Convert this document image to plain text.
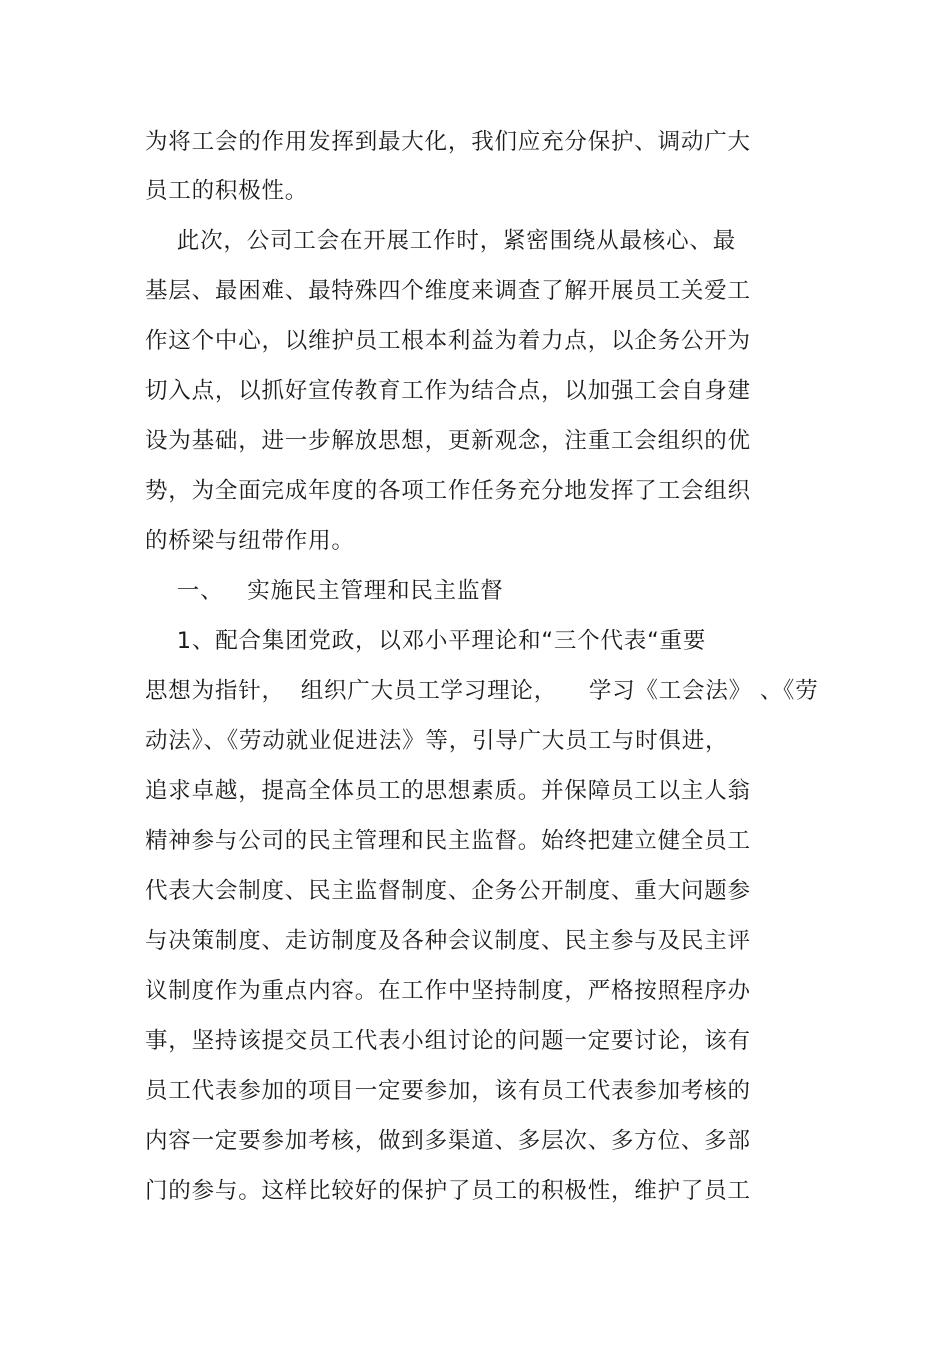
为将工会的作用发挥到最大化，我们应充分保护、调动广大
员工的积极性。
此次，公司工会在开展工作时，紧密围绕从最核心、最
基层、最困难、最特殊四个维度来调查了解开展员工关爱工
作这个中心，以维护员工根本利益为着力点，以企务公开为
切入点，以抓好宣传教育工作为结合点，以加强工会自身建
设为基础，进一步解放思想，更新观念，注重工会组织的优
势，为全面完成年度的各项工作任务充分地发挥了工会组织
的桥梁与纽带作用。
一、   实施民主管理和民主监督
1、配合集团党政，以邓小平理论和“三个代表“重要
思想为指针，  组织广大员工学习理论，    学习《工会法》 、《劳
动法》、《劳动就业促进法》等，引导广大员工与时俱进，
追求卓越，提高全体员工的思想素质。并保障员工以主人翁
精神参与公司的民主管理和民主监督。始终把建立健全员工
代表大会制度、民主监督制度、企务公开制度、重大问题参
与决策制度、走访制度及各种会议制度、民主参与及民主评
议制度作为重点内容。在工作中坚持制度，严格按照程序办
事，坚持该提交员工代表小组讨论的问题一定要讨论，该有
员工代表参加的项目一定要参加，该有员工代表参加考核的
内容一定要参加考核，做到多渠道、多层次、多方位、多部
门的参与。这样比较好的保护了员工的积极性，维护了员工
